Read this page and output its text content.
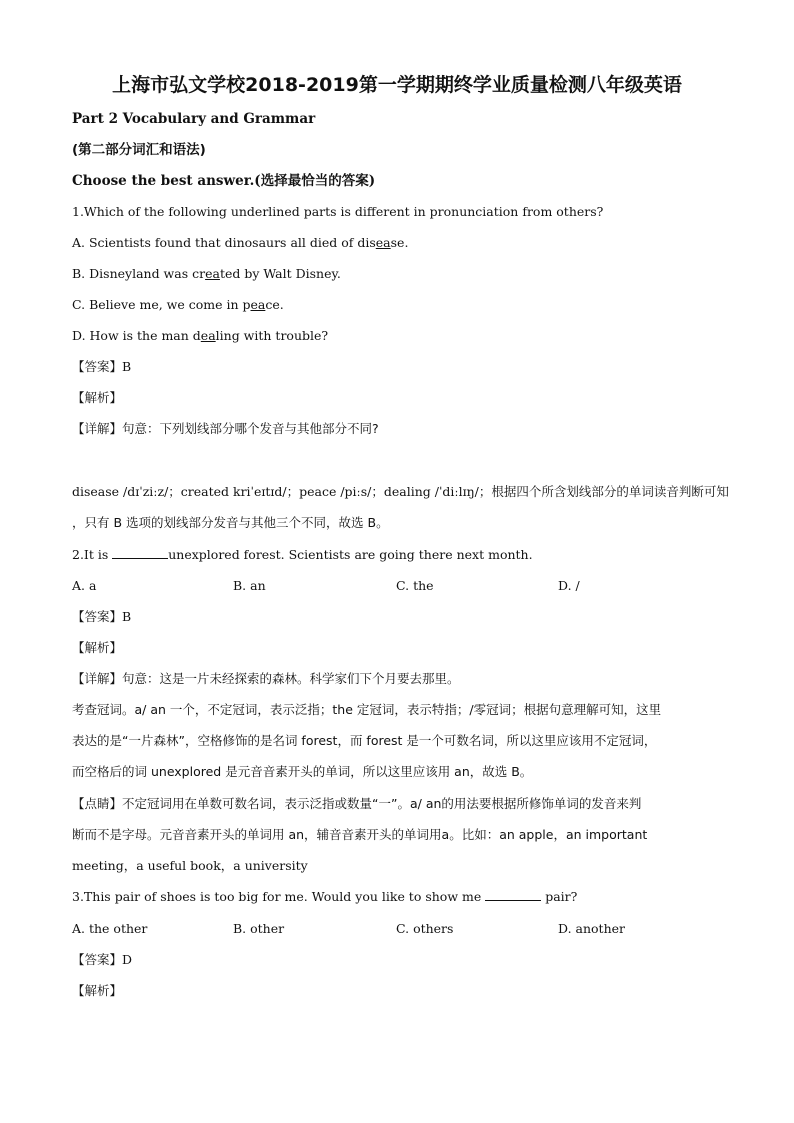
上海市弘文学校2018-2019第一学期期终学业质量检测八年级英语
Part 2 Vocabulary and Grammar
(第二部分词汇和语法)
Choose the best answer.(选择最恰当的答案)
1.Which of the following underlined parts is different in pronunciation from others?
A. Scientists found that dinosaurs all died of disease.
B. Disneyland was created by Walt Disney.
C. Believe me, we come in peace.
D. How is the man dealing with trouble?
【答案】B
【解析】
【详解】句意：下列划线部分哪个发音与其他部分不同?
disease /dɪˈziːz/；created kriˈeɪtɪd/；peace /piːs/；dealing /ˈdiːlɪŋ/；根据四个所含划线部分的单词读音判断可知
，只有 B 选项的划线部分发音与其他三个不同，故选 B。
2.It is	unexplored forest. Scientists are going there next month.
A. a	B. an	C. the	D. /
【答案】B
【解析】
【详解】句意：这是一片未经探索的森林。科学家们下个月要去那里。
考查冠词。a/ an 一个，不定冠词，表示泛指；the 定冠词，表示特指；/零冠词；根据句意理解可知，这里
表达的是“一片森林”，空格修饰的是名词 forest，而 forest 是一个可数名词，所以这里应该用不定冠词，
而空格后的词 unexplored 是元音音素开头的单词，所以这里应该用 an，故选 B。
【点睛】不定冠词用在单数可数名词，表示泛指或数量“一”。a/ an的用法要根据所修饰单词的发音来判
断而不是字母。元音音素开头的单词用 an，辅音音素开头的单词用a。比如：an apple，an important
meeting，a useful book，a university
3.This pair of shoes is too big for me. Would you like to show me	pair?
A. the other	B. other	C. others	D. another
【答案】D
【解析】
